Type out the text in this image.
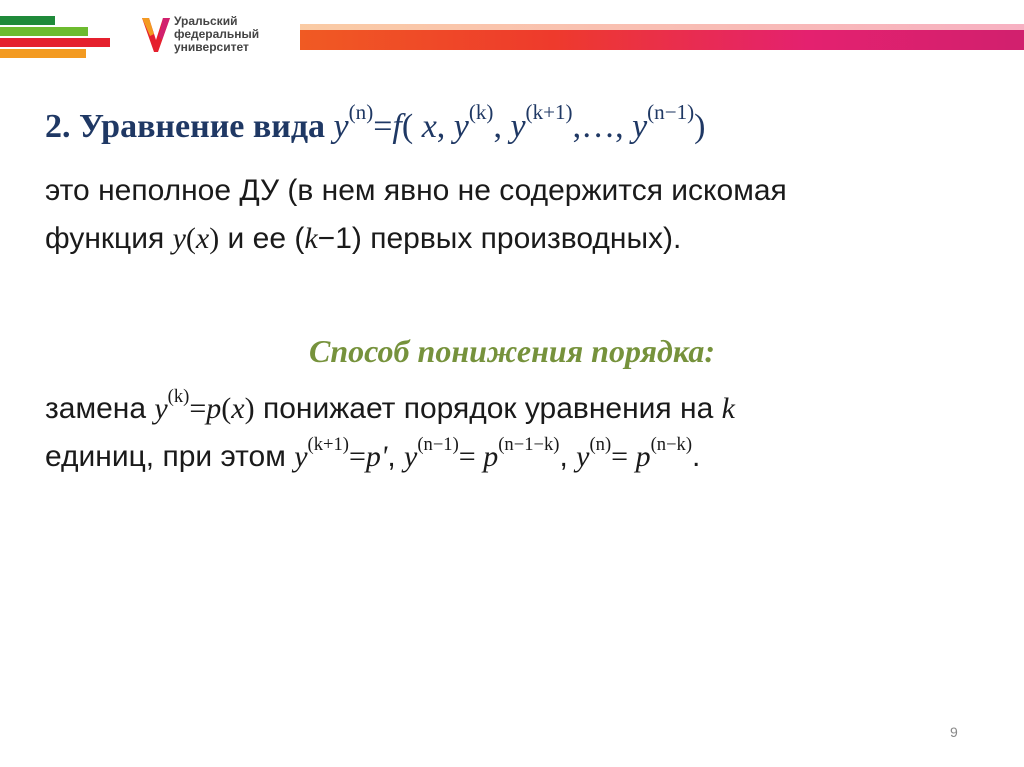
Уральский
федеральный
университет
2. Уравнение вида $y^{(n)}=f$( x, $y^{(k)}$, $y^{(k+1)},\dots$, $y^{(n-1)}$)
это неполное ДУ (в нем явно не содержится искомая
функция y(x) и ее (k−1) первых производных).
Способ понижения порядка:
замена $y^{(k)}=p(x)$ понижает порядок уравнения на k
единиц, при этом $y^{(k+1)}=p'$, $y^{(n-1)}= p^{(n-1-k)}$, $y^{(n)}= p^{(n-k)}$.
9
